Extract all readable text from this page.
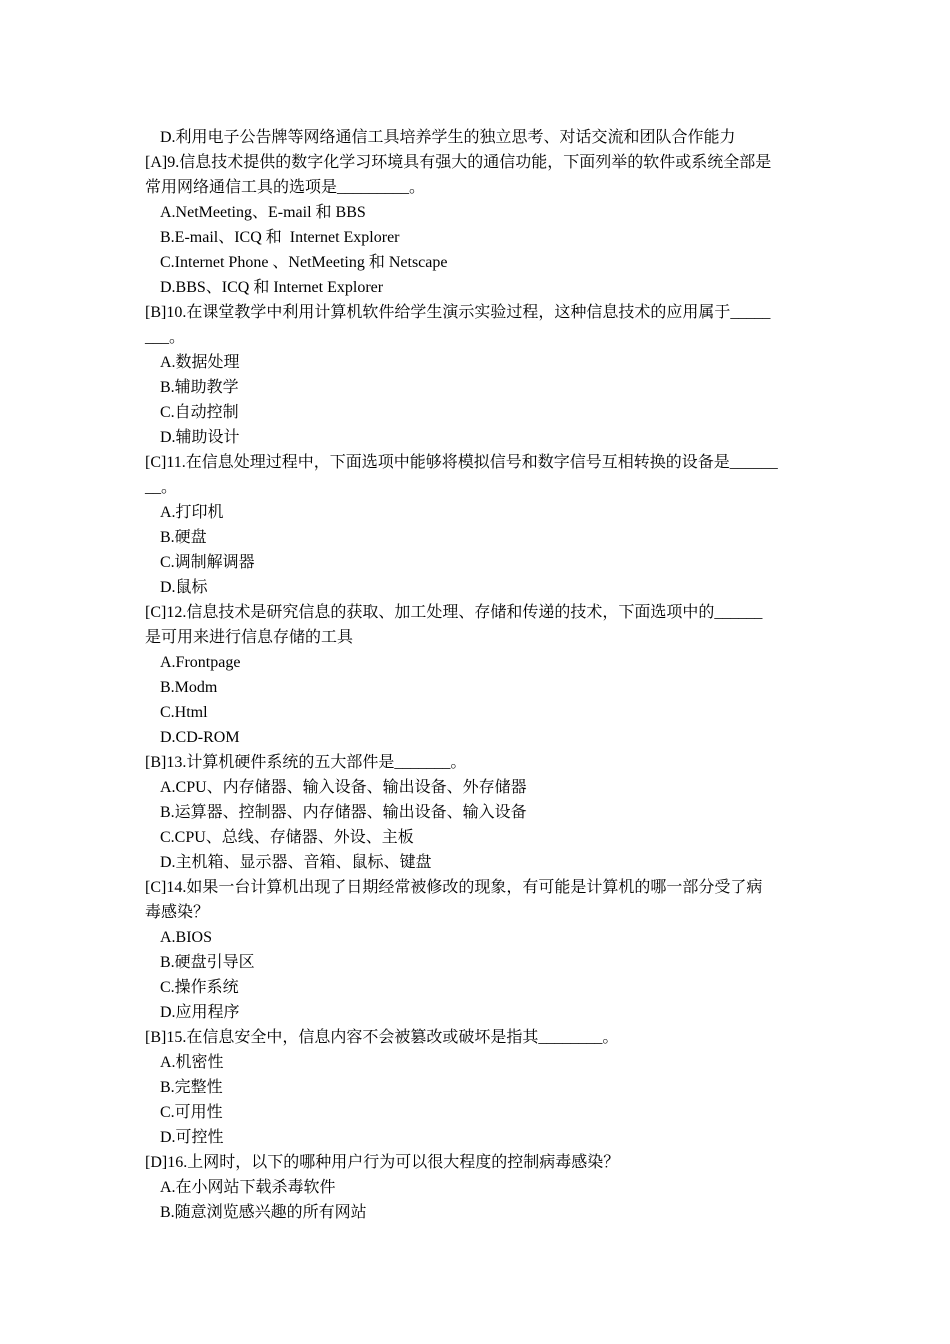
D.利用电子公告牌等网络通信工具培养学生的独立思考、对话交流和团队合作能力
[A]9.信息技术提供的数字化学习环境具有强大的通信功能，下面列举的软件或系统全部是
常用网络通信工具的选项是_________。
A.NetMeeting、E-mail 和 BBS
B.E-mail、ICQ 和  Internet Explorer
C.Internet Phone 、NetMeeting 和 Netscape
D.BBS、ICQ 和 Internet Explorer
[B]10.在课堂教学中利用计算机软件给学生演示实验过程，这种信息技术的应用属于_____
___。
A.数据处理
B.辅助教学
C.自动控制
D.辅助设计
[C]11.在信息处理过程中，下面选项中能够将模拟信号和数字信号互相转换的设备是______
__。
A.打印机
B.硬盘
C.调制解调器
D.鼠标
[C]12.信息技术是研究信息的获取、加工处理、存储和传递的技术，下面选项中的______
是可用来进行信息存储的工具
A.Frontpage
B.Modm
C.Html
D.CD-ROM
[B]13.计算机硬件系统的五大部件是_______。
A.CPU、内存储器、输入设备、输出设备、外存储器
B.运算器、控制器、内存储器、输出设备、输入设备
C.CPU、总线、存储器、外设、主板
D.主机箱、显示器、音箱、鼠标、键盘
[C]14.如果一台计算机出现了日期经常被修改的现象，有可能是计算机的哪一部分受了病
毒感染？
A.BIOS
B.硬盘引导区
C.操作系统
D.应用程序
[B]15.在信息安全中，信息内容不会被篡改或破坏是指其________。
A.机密性
B.完整性
C.可用性
D.可控性
[D]16.上网时，以下的哪种用户行为可以很大程度的控制病毒感染？
A.在小网站下载杀毒软件
B.随意浏览感兴趣的所有网站
